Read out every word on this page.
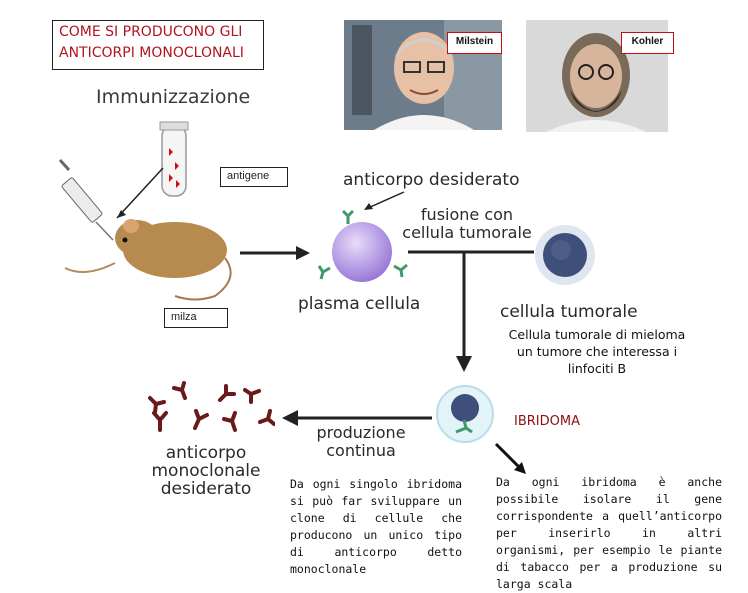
COME SI PRODUCONO GLI ANTICORPI MONOCLONALI
Milstein	Kohler
Immunizzazione
antigene
milza
anticorpo desiderato
fusione con cellula tumorale
plasma cellula	cellula tumorale
Cellula tumorale di mieloma un tumore che interessa i linfociti B
IBRIDOMA
produzione continua
anticorpo monoclonale desiderato	Da ogni singolo ibridoma si può far sviluppare un clone di cellule che producono un unico tipo di anticorpo detto monoclonale
Da ogni ibridoma è anche possibile isolare il gene corrispondente a quell’anticorpo per inserirlo in altri organismi, per esempio le piante di tabacco per a produzione su larga scala
